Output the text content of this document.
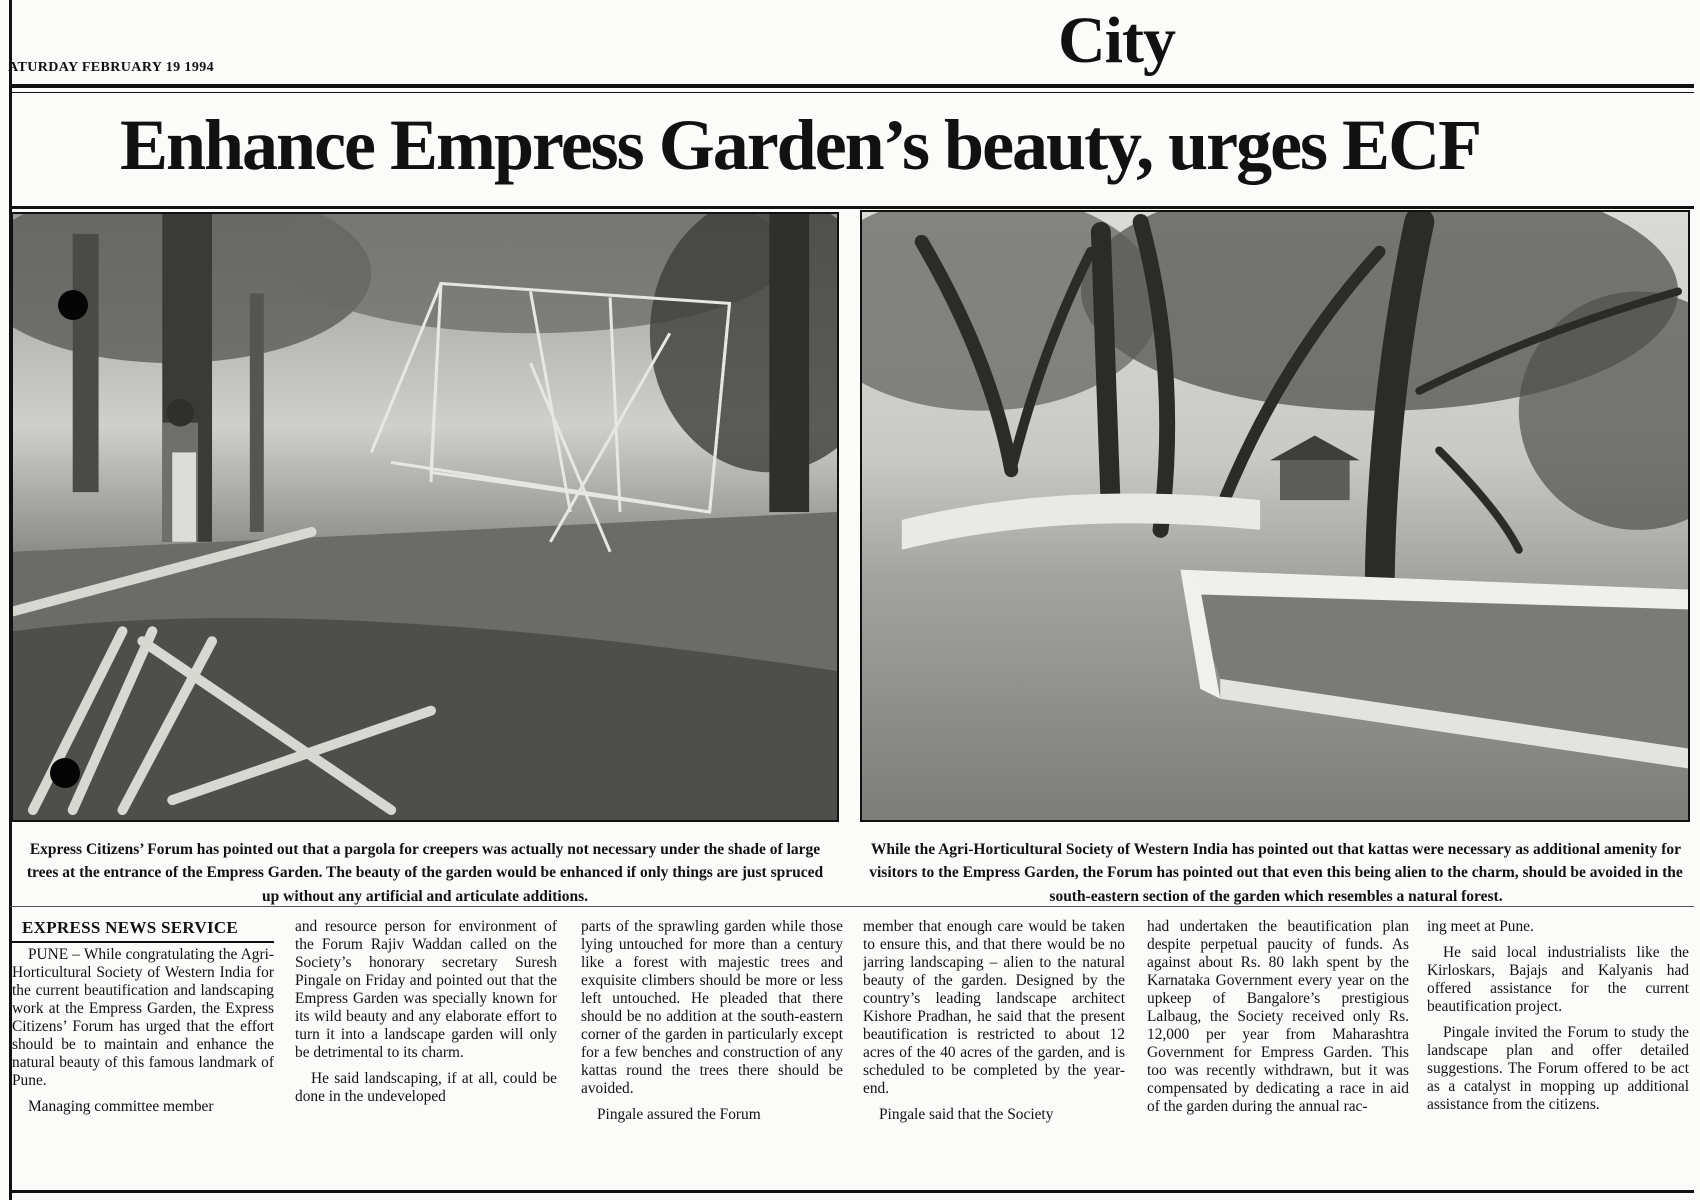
ATURDAY FEBRUARY 19 1994	City
Enhance Empress Garden’s beauty, urges ECF
Express Citizens’ Forum has pointed out that a pargola for creepers was actually not necessary under the shade of large trees at the entrance of the Empress Garden. The beauty of the garden would be enhanced if only things are just spruced up without any artificial and articulate additions.
While the Agri-Horticultural Society of Western India has pointed out that kattas were necessary as additional amenity for visitors to the Empress Garden, the Forum has pointed out that even this being alien to the charm, should be avoided in the south-eastern section of the garden which resembles a natural forest.
EXPRESS NEWS SERVICE

PUNE – While congratulating the Agri-Horticultural Society of Western India for the current beautification and landscaping work at the Empress Garden, the Express Citizens’ Forum has urged that the effort should be to maintain and enhance the natural beauty of this famous landmark of Pune.

Managing committee member

and resource person for environment of the Forum Rajiv Waddan called on the Society’s honorary secretary Suresh Pingale on Friday and pointed out that the Empress Garden was specially known for its wild beauty and any elaborate effort to turn it into a landscape garden will only be detrimental to its charm.

He said landscaping, if at all, could be done in the undeveloped

parts of the sprawling garden while those lying untouched for more than a century like a forest with majestic trees and exquisite climbers should be more or less left untouched. He pleaded that there should be no addition at the south-eastern corner of the garden in particularly except for a few benches and construction of any kattas round the trees there should be avoided.

Pingale assured the Forum

member that enough care would be taken to ensure this, and that there would be no jarring landscaping – alien to the natural beauty of the garden. Designed by the country’s leading landscape architect Kishore Pradhan, he said that the present beautification is restricted to about 12 acres of the 40 acres of the garden, and is scheduled to be completed by the year-end.

Pingale said that the Society

had undertaken the beautification plan despite perpetual paucity of funds. As against about Rs. 80 lakh spent by the Karnataka Government every year on the upkeep of Bangalore’s prestigious Lalbaug, the Society received only Rs. 12,000 per year from Maharashtra Government for Empress Garden. This too was recently withdrawn, but it was compensated by dedicating a race in aid of the garden during the annual rac-

ing meet at Pune.

He said local industrialists like the Kirloskars, Bajajs and Kalyanis had offered assistance for the current beautification project.

Pingale invited the Forum to study the landscape plan and offer detailed suggestions. The Forum offered to be act as a catalyst in mopping up additional assistance from the citizens.
